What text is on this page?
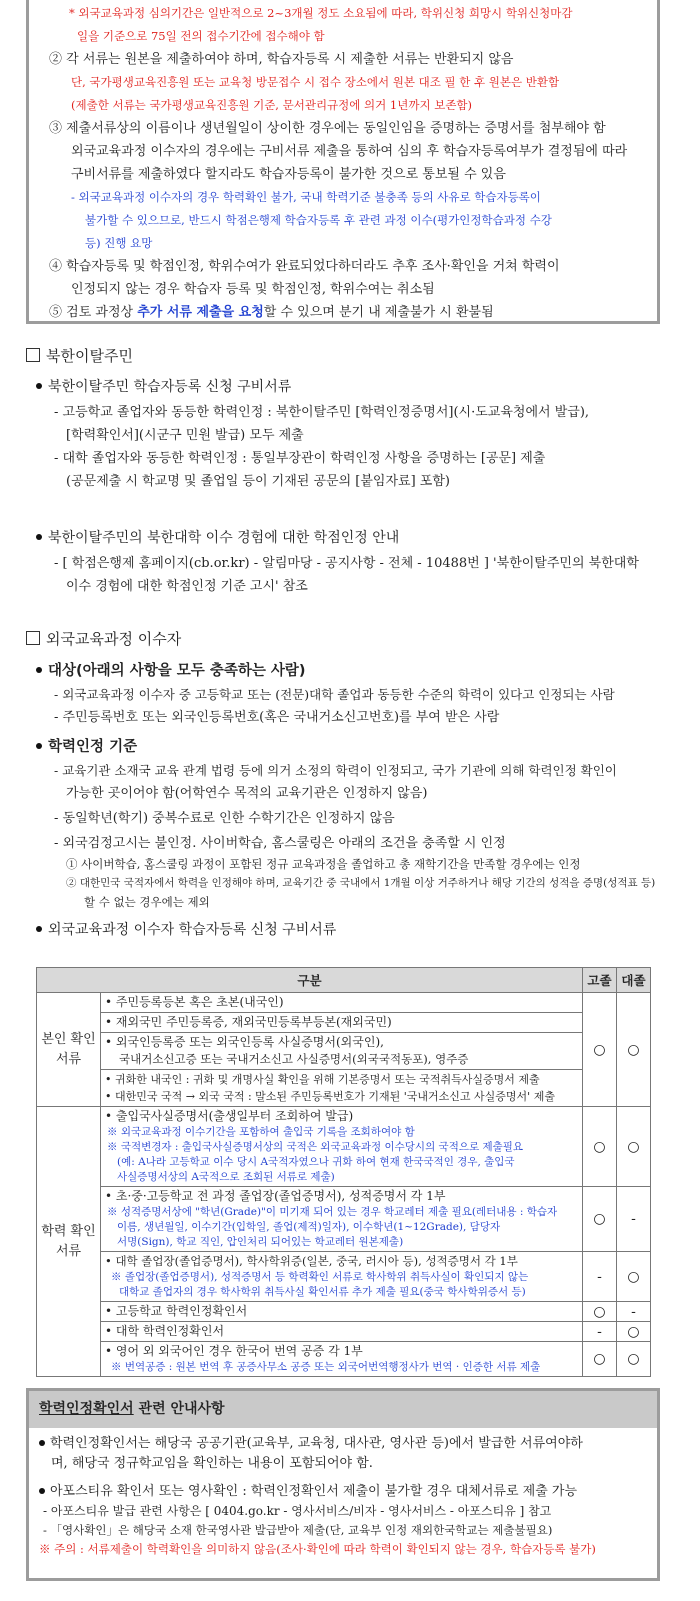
* 외국교육과정 심의기간은 일반적으로 2~3개월 정도 소요됨에 따라, 학위신청 희망시 학위신청마감
일을 기준으로 75일 전의 접수기간에 접수해야 함
② 각 서류는 원본을 제출하여야 하며, 학습자등록 시 제출한 서류는 반환되지 않음
단, 국가평생교육진흥원 또는 교육청 방문접수 시 접수 장소에서 원본 대조 필 한 후 원본은 반환함
(제출한 서류는 국가평생교육진흥원 기준, 문서관리규정에 의거 1년까지 보존함)
③ 제출서류상의 이름이나 생년월일이 상이한 경우에는 동일인임을 증명하는 증명서를 첨부해야 함
외국교육과정 이수자의 경우에는 구비서류 제출을 통하여 심의 후 학습자등록여부가 결정됨에 따라
구비서류를 제출하였다 할지라도 학습자등록이 불가한 것으로 통보될 수 있음
- 외국교육과정 이수자의 경우 학력확인 불가, 국내 학력기준 불충족 등의 사유로 학습자등록이
불가할 수 있으므로, 반드시 학점은행제 학습자등록 후 관련 과정 이수(평가인정학습과정 수강
등) 진행 요망
④ 학습자등록 및 학점인정, 학위수여가 완료되었다하더라도 추후 조사·확인을 거쳐 학력이
인정되지 않는 경우 학습자 등록 및 학점인정, 학위수여는 취소됨
⑤ 검토 과정상 추가 서류 제출을 요청할 수 있으며 분기 내 제출불가 시 환불됨
북한이탈주민
북한이탈주민 학습자등록 신청 구비서류
- 고등학교 졸업자와 동등한 학력인정 : 북한이탈주민 [학력인정증명서](시·도교육청에서 발급),
[학력확인서](시군구 민원 발급) 모두 제출
- 대학 졸업자와 동등한 학력인정 : 통일부장관이 학력인정 사항을 증명하는 [공문] 제출
(공문제출 시 학교명 및 졸업일 등이 기재된 공문의 [붙임자료] 포함)
북한이탈주민의 북한대학 이수 경험에 대한 학점인정 안내
- [ 학점은행제 홈페이지(cb.or.kr) - 알림마당 - 공지사항 - 전체 - 10488번 ] '북한이탈주민의 북한대학
이수 경험에 대한 학점인정 기준 고시' 참조
외국교육과정 이수자
대상(아래의 사항을 모두 충족하는 사람)
- 외국교육과정 이수자 중 고등학교 또는 (전문)대학 졸업과 동등한 수준의 학력이 있다고 인정되는 사람
- 주민등록번호 또는 외국인등록번호(혹은 국내거소신고번호)를 부여 받은 사람
학력인정 기준
- 교육기관 소재국 교육 관계 법령 등에 의거 소정의 학력이 인정되고, 국가 기관에 의해 학력인정 확인이
가능한 곳이어야 함(어학연수 목적의 교육기관은 인정하지 않음)
- 동일학년(학기) 중복수료로 인한 수학기간은 인정하지 않음
- 외국검정고시는 불인정. 사이버학습, 홈스쿨링은 아래의 조건을 충족할 시 인정
① 사이버학습, 홈스쿨링 과정이 포함된 정규 교육과정을 졸업하고 총 재학기간을 만족할 경우에는 인정
② 대한민국 국적자에서 학력을 인정해야 하며, 교육기간 중 국내에서 1개월 이상 거주하거나 해당 기간의 성적을 증명(성적표 등)
할 수 없는 경우에는 제외
외국교육과정 이수자 학습자등록 신청 구비서류
구분		고졸	대졸
본인 확인 서류	• 주민등록등본 혹은 초본(내국인)	○	○

	• 재외국민 주민등록증, 재외국민등록부등본(재외국민)		

	• 외국인등록증 또는 외국인등록 사실증명서(외국인),
국내거소신고증 또는 국내거소신고 사실증명서(외국국적동포), 영주증		

	• 귀화한 내국인 : 귀화 및 개명사실 확인을 위해 기본증명서 또는 국적취득사실증명서 제출
• 대한민국 국적 → 외국 국적 : 말소된 주민등록번호가 기재된 '국내거소신고 사실증명서' 제출		

학력 확인 서류	• 출입국사실증명서(출생일부터 조회하여 발급)
※ 외국교육과정 이수기간을 포함하여 출입국 기록을 조회하여야 함
※ 국적변경자 : 출입국사실증명서상의 국적은 외국교육과정 이수당시의 국적으로 제출필요
(예: A나라 고등학교 이수 당시 A국적자였으나 귀화 하여 현재 한국국적인 경우, 출입국
사실증명서상의 A국적으로 조회된 서류로 제출)	○	○

	• 초·중·고등학교 전 과정 졸업장(졸업증명서), 성적증명서 각 1부
※ 성적증명서상에 "학년(Grade)"이 미기재 되어 있는 경우 학교레터 제출 필요(레터내용 : 학습자
이름, 생년월일, 이수기간(입학일, 졸업(제적)일자), 이수학년(1~12Grade), 담당자
서명(Sign), 학교 직인, 압인처리 되어있는 학교레터 원본제출)	○	-

	• 대학 졸업장(졸업증명서), 학사학위증(일본, 중국, 러시아 등), 성적증명서 각 1부
※ 졸업장(졸업증명서), 성적증명서 등 학력확인 서류로 학사학위 취득사실이 확인되지 않는
대학교 졸업자의 경우 학사학위 취득사실 확인서류 추가 제출 필요(중국 학사학위증서 등)	-	○

	• 고등학교 학력인정확인서	○	-

	• 대학 학력인정확인서	-	○

	• 영어 외 외국어인 경우 한국어 번역 공증 각 1부
※ 번역공증 : 원본 번역 후 공증사무소 공증 또는 외국어번역행정사가 번역 · 인증한 서류 제출	○	○
학력인정확인서 관련 안내사항
학력인정확인서는 해당국 공공기관(교육부, 교육청, 대사관, 영사관 등)에서 발급한 서류여야하
며, 해당국 정규학교임을 확인하는 내용이 포함되어야 함.
아포스티유 확인서 또는 영사확인 : 학력인정확인서 제출이 불가할 경우 대체서류로 제출 가능
- 아포스티유 발급 관련 사항은 [ 0404.go.kr - 영사서비스/비자 - 영사서비스 - 아포스티유 ] 참고
- 「영사확인」은 해당국 소재 한국영사관 발급받아 제출(단, 교육부 인정 재외한국학교는 제출불필요)
※ 주의 : 서류제출이 학력확인을 의미하지 않음(조사·확인에 따라 학력이 확인되지 않는 경우, 학습자등록 불가)
